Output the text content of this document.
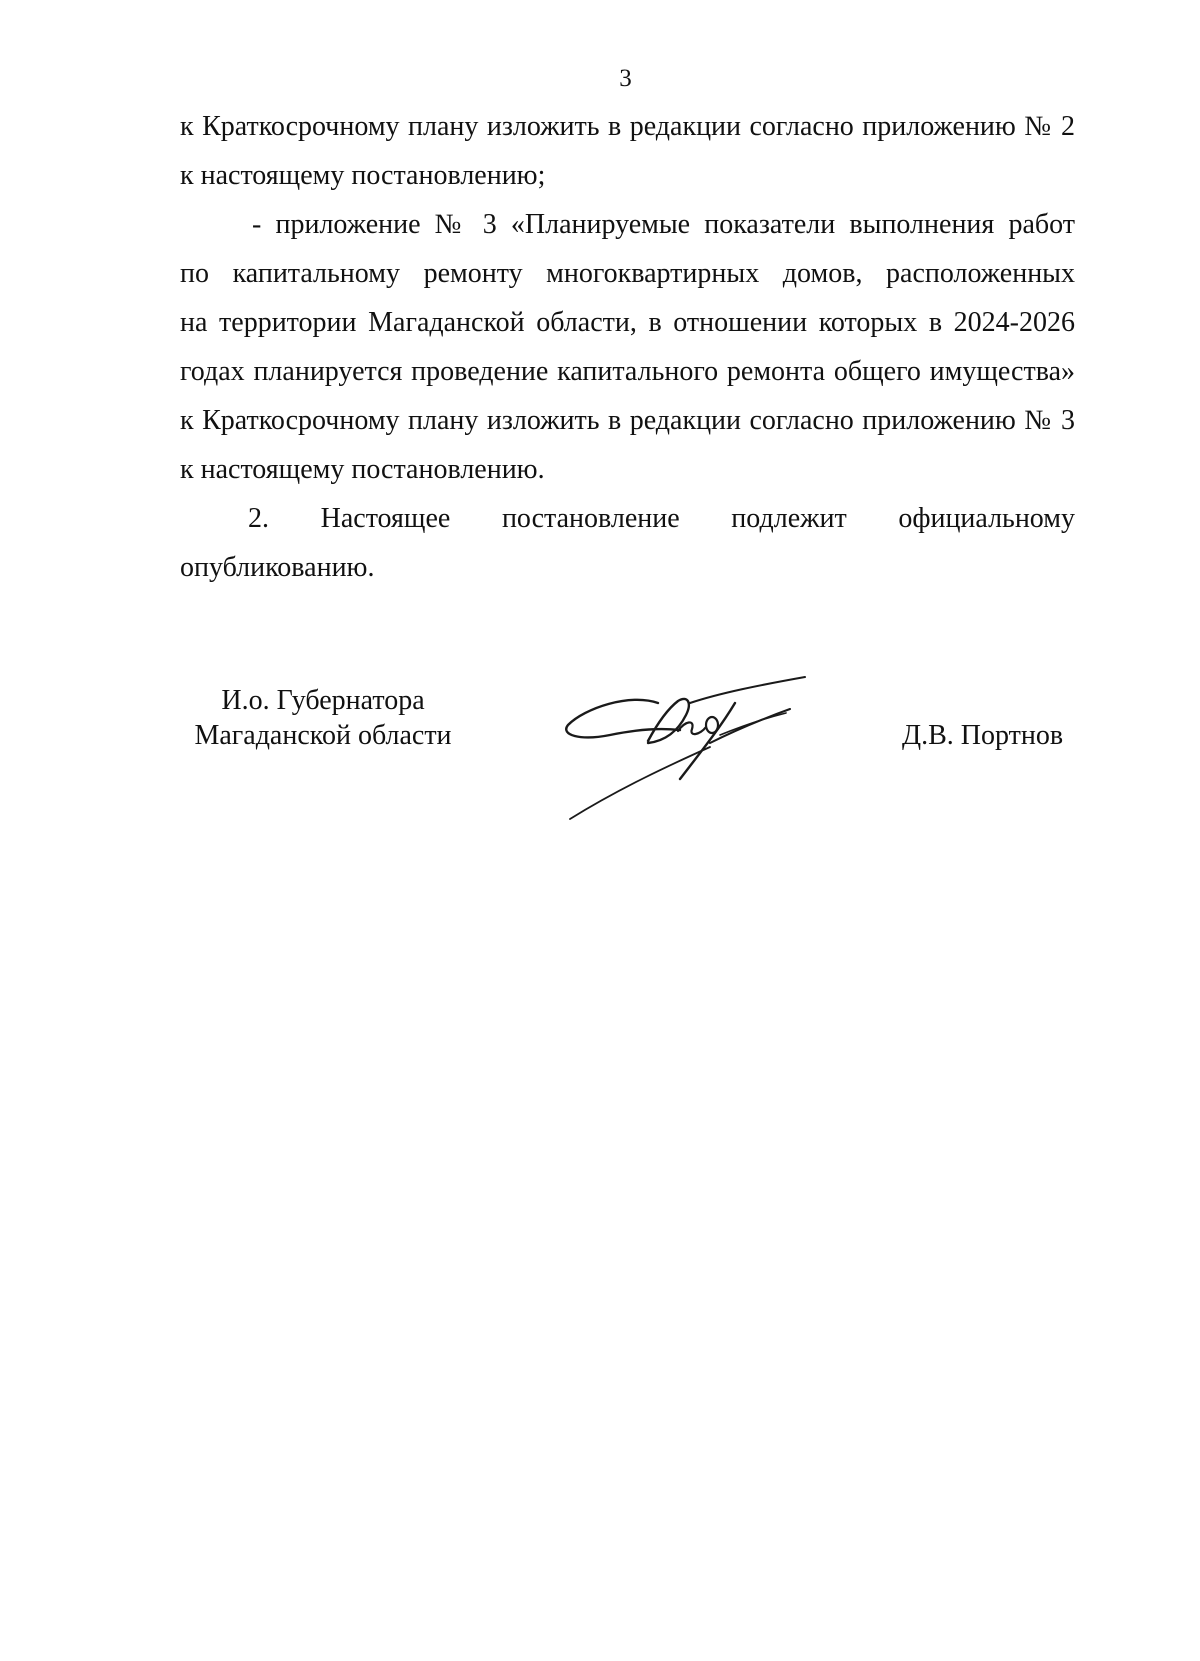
3

к Краткосрочному плану изложить в редакции согласно приложению № 2
к настоящему постановлению;

- приложение № 3 «Планируемые показатели выполнения работ
по капитальному ремонту многоквартирных домов, расположенных
на территории Магаданской области, в отношении которых в 2024-2026
годах планируется проведение капитального ремонта общего имущества»
к Краткосрочному плану изложить в редакции согласно приложению № 3
к настоящему постановлению.

2. Настоящее постановление подлежит официальному
опубликованию.

И.о. Губернатора
Магаданской области	Д.В. Портнов
